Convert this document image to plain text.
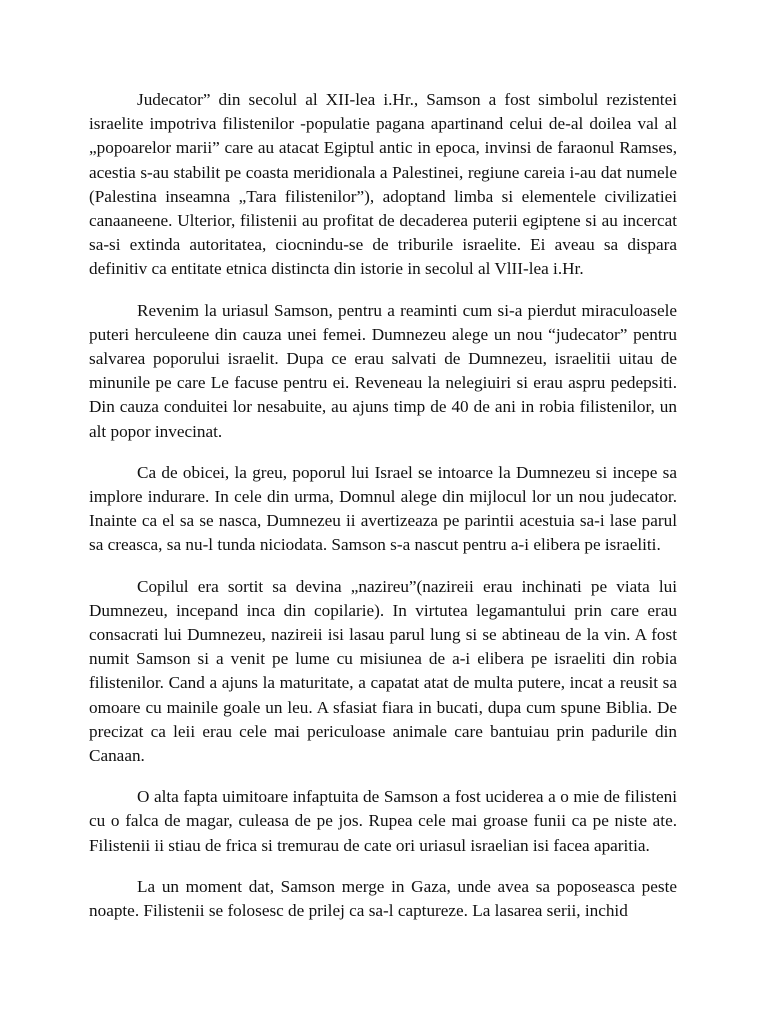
Judecator” din secolul al XII-lea i.Hr., Samson a fost simbolul rezistentei israelite impotriva filistenilor -populatie pagana apartinand celui de-al doilea val al „popoarelor marii” care au atacat Egiptul antic in epoca, invinsi de faraonul Ramses, acestia s-au stabilit pe coasta meridionala a Palestinei, regiune careia i-au dat numele (Palestina inseamna „Tara filistenilor”), adoptand limba si elementele civilizatiei canaaneene. Ulterior, filistenii au profitat de decaderea puterii egiptene si au incercat sa-si extinda autoritatea, ciocnindu-se de triburile israelite. Ei aveau sa dispara definitiv ca entitate etnica distincta din istorie in secolul al VlII-lea i.Hr.

Revenim la uriasul Samson, pentru a reaminti cum si-a pierdut miraculoasele puteri herculeene din cauza unei femei. Dumnezeu alege un nou “judecator” pentru salvarea poporului israelit. Dupa ce erau salvati de Dumnezeu, israelitii uitau de minunile pe care Le facuse pentru ei. Reveneau la nelegiuiri si erau aspru pedepsiti. Din cauza conduitei lor nesabuite, au ajuns timp de 40 de ani in robia filistenilor, un alt popor invecinat.

Ca de obicei, la greu, poporul lui Israel se intoarce la Dumnezeu si incepe sa implore indurare. In cele din urma, Domnul alege din mijlocul lor un nou judecator. Inainte ca el sa se nasca, Dumnezeu ii avertizeaza pe parintii acestuia sa-i lase parul sa creasca, sa nu-l tunda niciodata. Samson s-a nascut pentru a-i elibera pe israeliti.

Copilul era sortit sa devina „nazireu”(nazireii erau inchinati pe viata lui Dumnezeu, incepand inca din copilarie). In virtutea legamantului prin care erau consacrati lui Dumnezeu, nazireii isi lasau parul lung si se abtineau de la vin. A fost numit Samson si a venit pe lume cu misiunea de a-i elibera pe israeliti din robia filistenilor. Cand a ajuns la maturitate, a capatat atat de multa putere, incat a reusit sa omoare cu mainile goale un leu. A sfasiat fiara in bucati, dupa cum spune Biblia. De precizat ca leii erau cele mai periculoase animale care bantuiau prin padurile din Canaan.

O alta fapta uimitoare infaptuita de Samson a fost uciderea a o mie de filisteni cu o falca de magar, culeasa de pe jos. Rupea cele mai groase funii ca pe niste ate. Filistenii ii stiau de frica si tremurau de cate ori uriasul israelian isi facea aparitia.

La un moment dat, Samson merge in Gaza, unde avea sa poposeasca peste noapte. Filistenii se folosesc de prilej ca sa-l captureze. La lasarea serii, inchid
